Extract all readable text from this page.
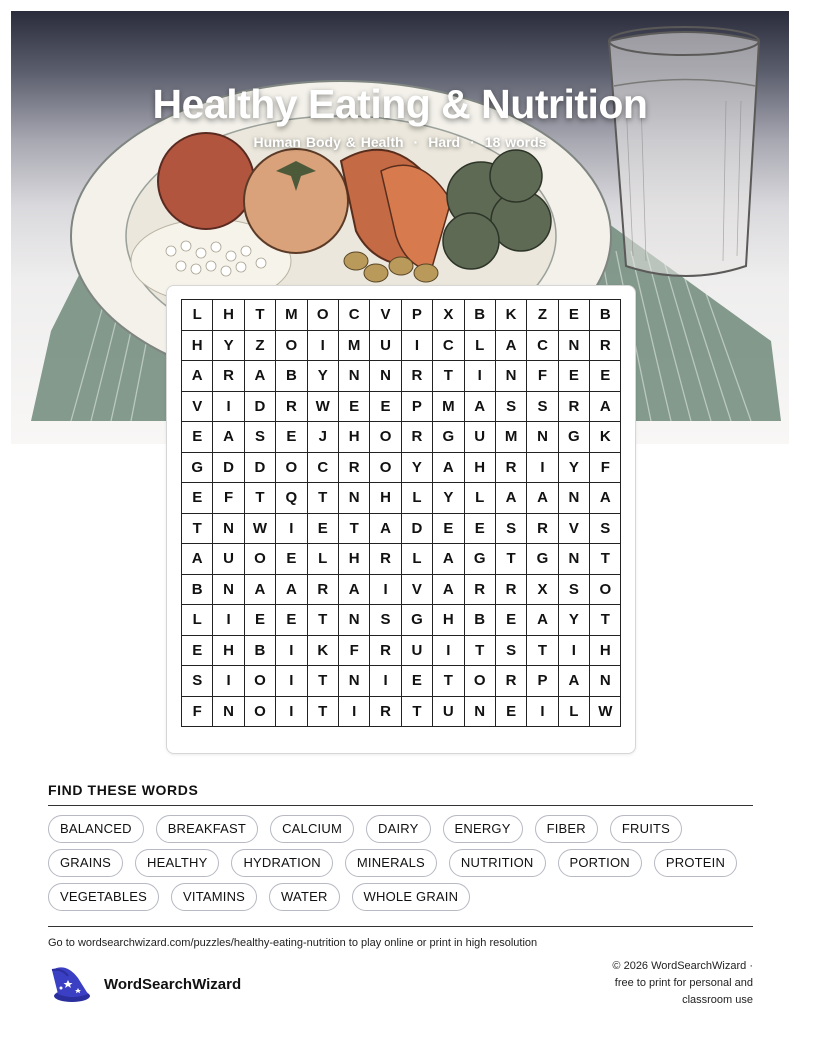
Healthy Eating & Nutrition
Human Body & Health · Hard · 18 words
L	H	T	M	O	C	V	P	X	B	K	Z	E	B
H	Y	Z	O	I	M	U	I	C	L	A	C	N	R
A	R	A	B	Y	N	N	R	T	I	N	F	E	E
V	I	D	R	W	E	E	P	M	A	S	S	R	A
E	A	S	E	J	H	O	R	G	U	M	N	G	K
G	D	D	O	C	R	O	Y	A	H	R	I	Y	F
E	F	T	Q	T	N	H	L	Y	L	A	A	N	A
T	N	W	I	E	T	A	D	E	E	S	R	V	S
A	U	O	E	L	H	R	L	A	G	T	G	N	T
B	N	A	A	R	A	I	V	A	R	R	X	S	O
L	I	E	E	T	N	S	G	H	B	E	A	Y	T
E	H	B	I	K	F	R	U	I	T	S	T	I	H
S	I	O	I	T	N	I	E	T	O	R	P	A	N
F	N	O	I	T	I	R	T	U	N	E	I	L	W
FIND THESE WORDS
BALANCED	BREAKFAST	CALCIUM	DAIRY	ENERGY	FIBER	FRUITS
GRAINS	HEALTHY	HYDRATION	MINERALS	NUTRITION	PORTION	PROTEIN
VEGETABLES	VITAMINS	WATER	WHOLE GRAIN
Go to wordsearchwizard.com/puzzles/healthy-eating-nutrition to play online or print in high resolution
WordSearchWizard
© 2026 WordSearchWizard ·
free to print for personal and
classroom use
